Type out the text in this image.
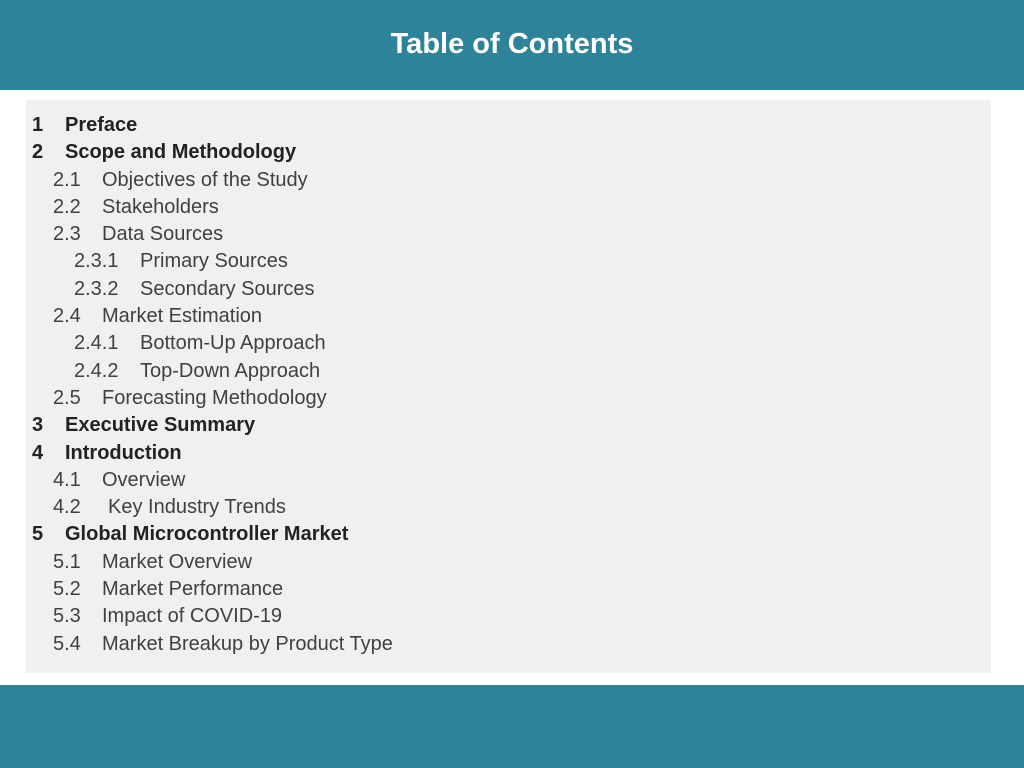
Table of Contents
1 Preface
2 Scope and Methodology
2.1 Objectives of the Study
2.2 Stakeholders
2.3 Data Sources
2.3.1 Primary Sources
2.3.2 Secondary Sources
2.4 Market Estimation
2.4.1 Bottom-Up Approach
2.4.2 Top-Down Approach
2.5 Forecasting Methodology
3 Executive Summary
4 Introduction
4.1 Overview
4.2 Key Industry Trends
5 Global Microcontroller Market
5.1 Market Overview
5.2 Market Performance
5.3 Impact of COVID-19
5.4 Market Breakup by Product Type
